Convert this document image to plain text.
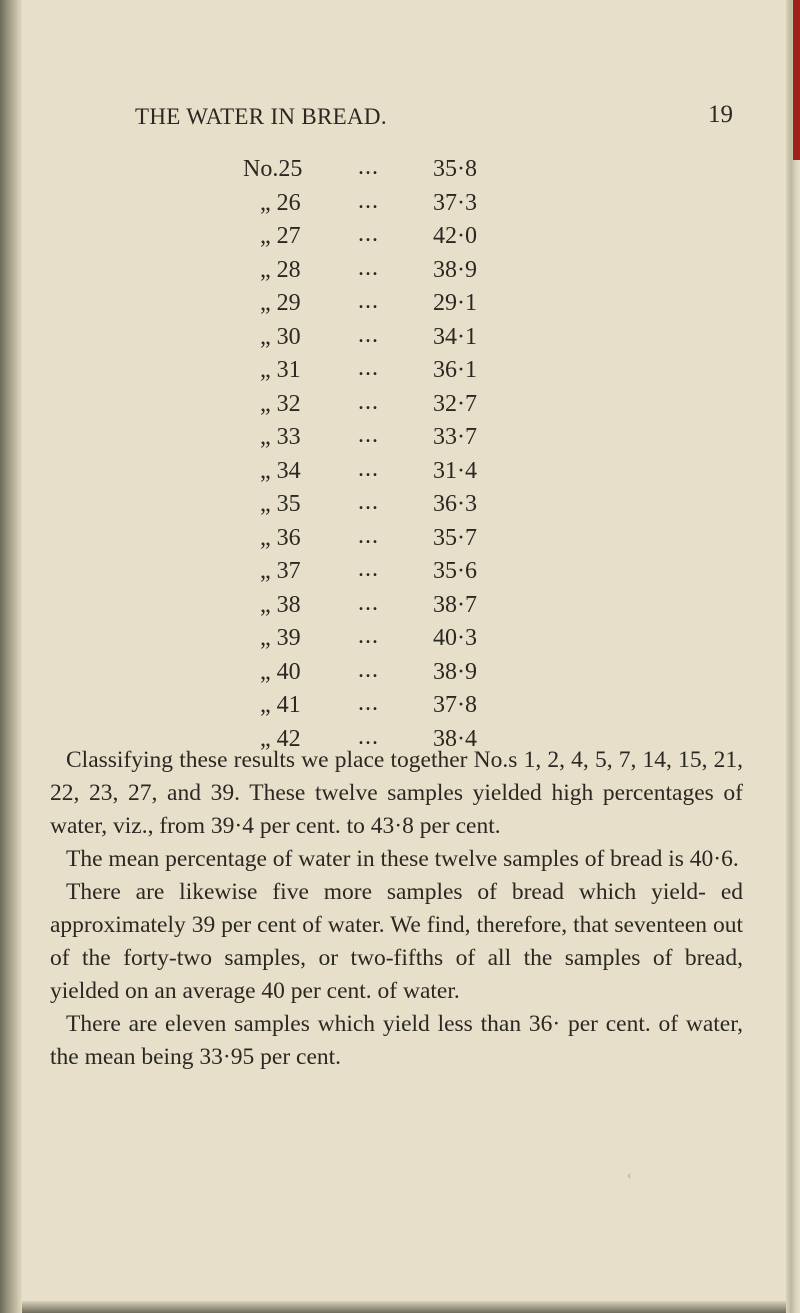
THE WATER IN BREAD.	19
No.25 ... 35·8
„ 26 ... 37·3
„ 27 ... 42·0
„ 28 ... 38·9
„ 29 ... 29·1
„ 30 ... 34·1
„ 31 ... 36·1
„ 32 ... 32·7
„ 33 ... 33·7
„ 34 ... 31·4
„ 35 ... 36·3
„ 36 ... 35·7
„ 37 ... 35·6
„ 38 ... 38·7
„ 39 ... 40·3
„ 40 ... 38·9
„ 41 ... 37·8
„ 42 ... 38·4

Classifying these results we place together No.s 1, 2, 4, 5, 7, 14, 15, 21, 22, 23, 27, and 39. These twelve samples yielded high percentages of water, viz., from 39·4 per cent. to 43·8 per cent.

The mean percentage of water in these twelve samples of bread is 40·6.

There are likewise five more samples of bread which yield- ed approximately 39 per cent of water. We find, therefore, that seventeen out of the forty-two samples, or two-fifths of all the samples of bread, yielded on an average 40 per cent. of water.

There are eleven samples which yield less than 36· per cent. of water, the mean being 33·95 per cent.

‹
